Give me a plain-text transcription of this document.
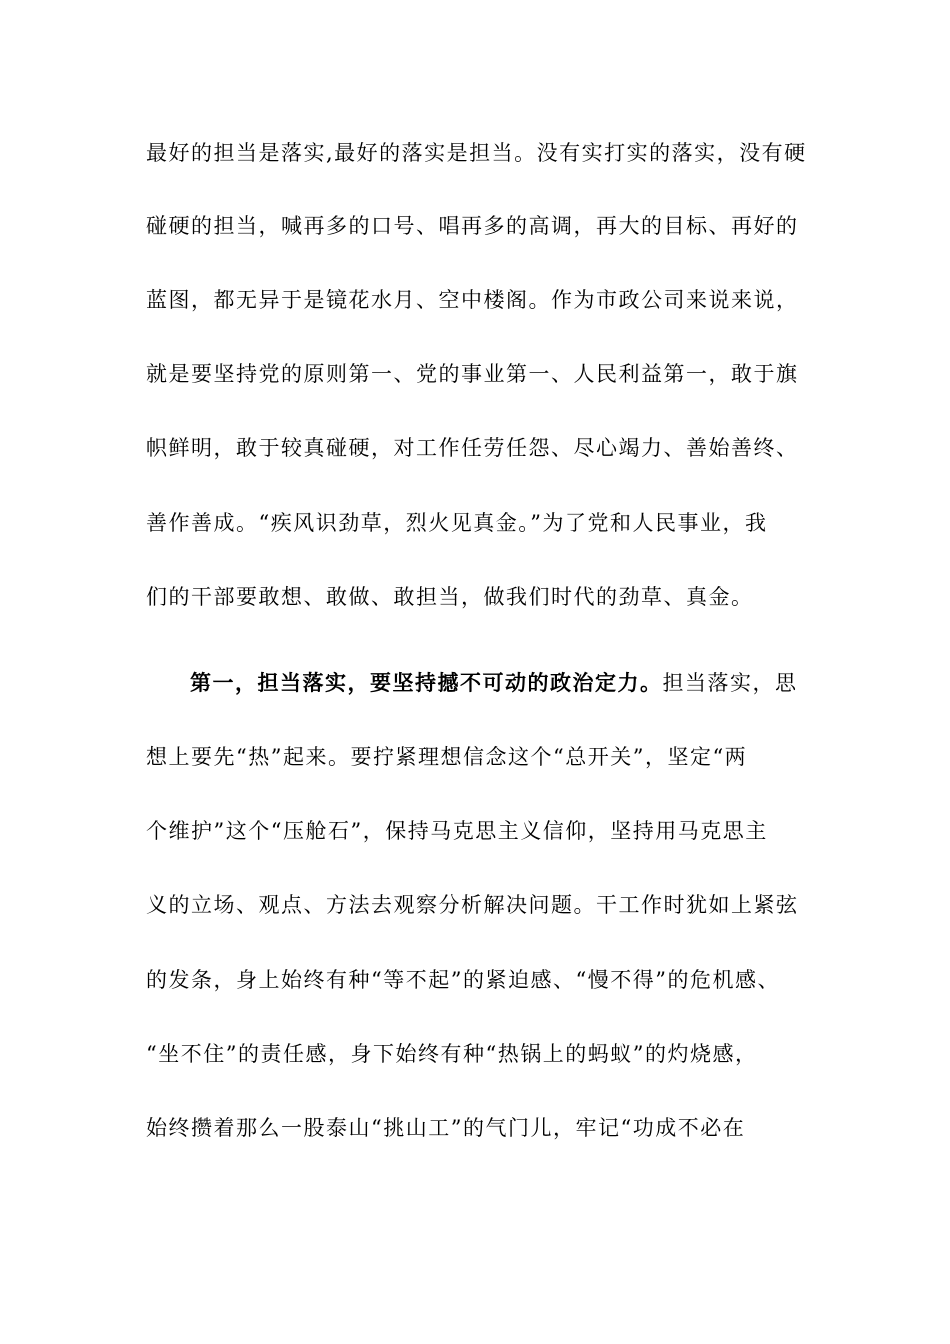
最好的担当是落实,最好的落实是担当。没有实打实的落实，没有硬
碰硬的担当，喊再多的口号、唱再多的高调，再大的目标、再好的
蓝图，都无异于是镜花水月、空中楼阁。作为市政公司来说来说，
就是要坚持党的原则第一、党的事业第一、人民利益第一，敢于旗
帜鲜明，敢于较真碰硬，对工作任劳任怨、尽心竭力、善始善终、
善作善成。“疾风识劲草，烈火见真金。”为了党和人民事业，我
们的干部要敢想、敢做、敢担当，做我们时代的劲草、真金。
第一，担当落实，要坚持撼不可动的政治定力。担当落实，思
想上要先“热”起来。要拧紧理想信念这个“总开关”，坚定“两
个维护”这个“压舱石”，保持马克思主义信仰，坚持用马克思主
义的立场、观点、方法去观察分析解决问题。干工作时犹如上紧弦
的发条，身上始终有种“等不起”的紧迫感、“慢不得”的危机感、
“坐不住”的责任感，身下始终有种“热锅上的蚂蚁”的灼烧感，
始终攒着那么一股泰山“挑山工”的气门儿，牢记“功成不必在
